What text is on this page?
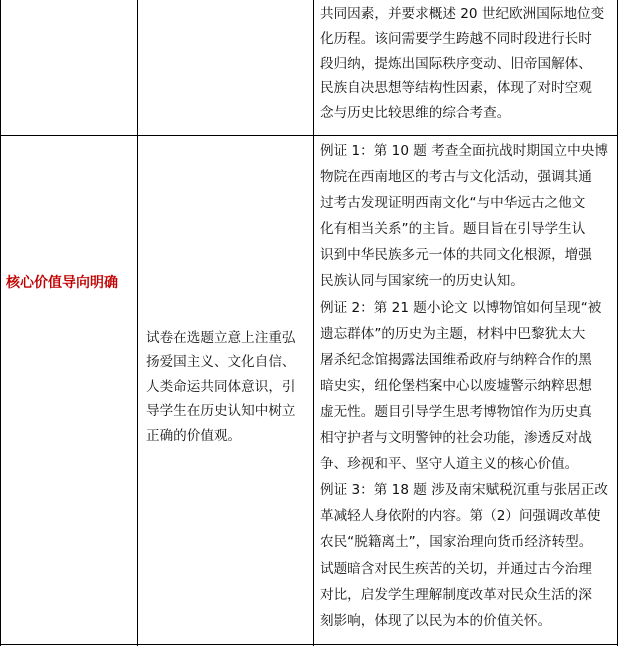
共同因素，并要求概述 20 世纪欧洲国际地位变
化历程。该问需要学生跨越不同时段进行长时
段归纳，提炼出国际秩序变动、旧帝国解体、
民族自决思想等结构性因素，体现了对时空观
念与历史比较思维的综合考查。
核心价值导向明确
试卷在选题立意上注重弘
扬爱国主义、文化自信、
人类命运共同体意识，引
导学生在历史认知中树立
正确的价值观。
例证 1：第 10 题 考查全面抗战时期国立中央博
物院在西南地区的考古与文化活动，强调其通
过考古发现证明西南文化“与中华远古之他文
化有相当关系”的主旨。题目旨在引导学生认
识到中华民族多元一体的共同文化根源，增强
民族认同与国家统一的历史认知。
例证 2：第 21 题小论文 以博物馆如何呈现“被
遗忘群体”的历史为主题，材料中巴黎犹太大
屠杀纪念馆揭露法国维希政府与纳粹合作的黑
暗史实，纽伦堡档案中心以废墟警示纳粹思想
虚无性。题目引导学生思考博物馆作为历史真
相守护者与文明警钟的社会功能，渗透反对战
争、珍视和平、坚守人道主义的核心价值。
例证 3：第 18 题 涉及南宋赋税沉重与张居正改
革减轻人身依附的内容。第（2）问强调改革使
农民“脱籍离土”，国家治理向货币经济转型。
试题暗含对民生疾苦的关切，并通过古今治理
对比，启发学生理解制度改革对民众生活的深
刻影响，体现了以民为本的价值关怀。
